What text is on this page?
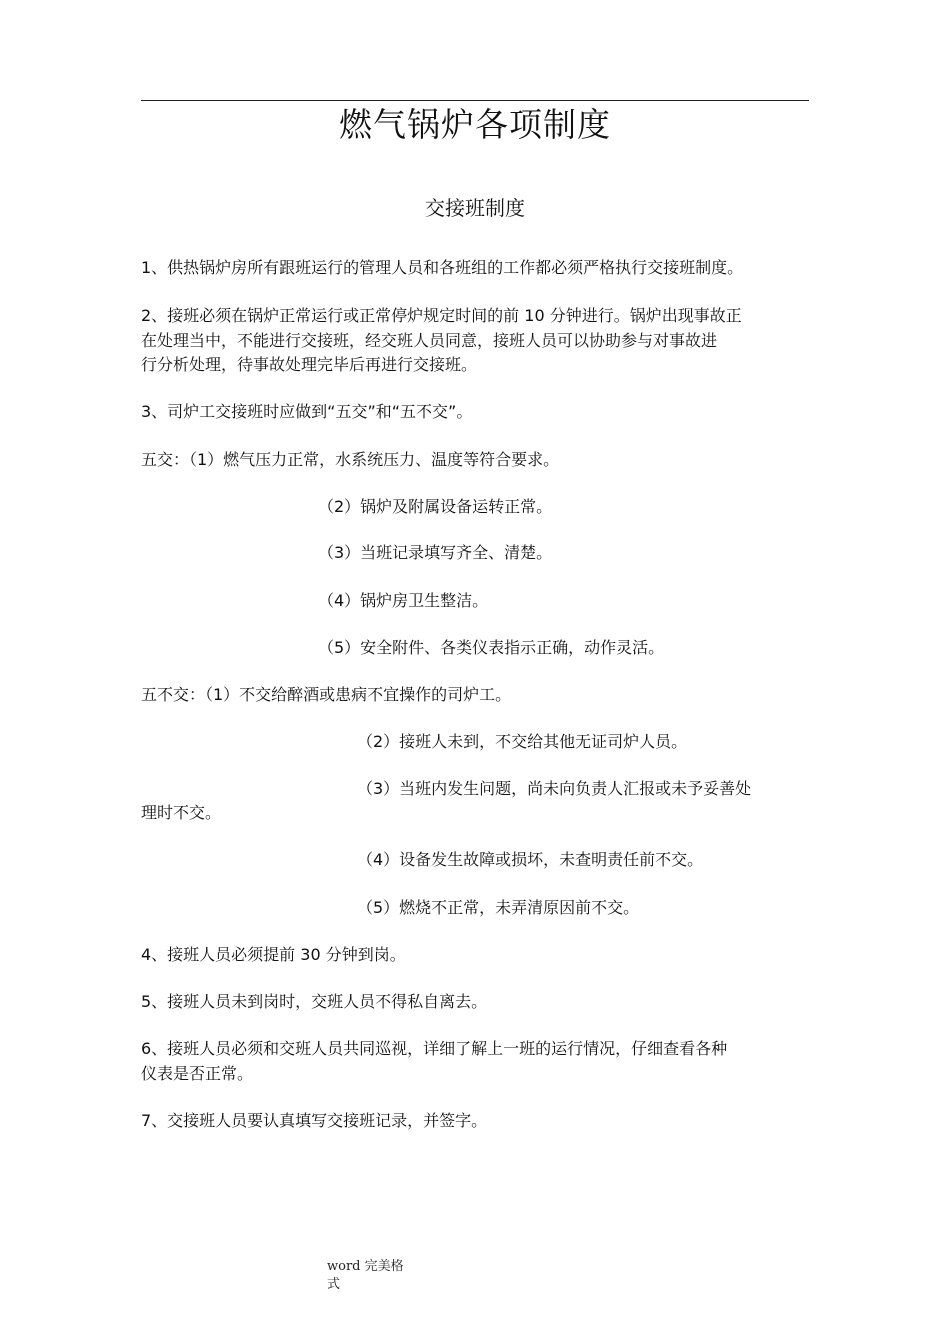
燃气锅炉各项制度
交接班制度
1、供热锅炉房所有跟班运行的管理人员和各班组的工作都必须严格执行交接班制度。
2、接班必须在锅炉正常运行或正常停炉规定时间的前 10 分钟进行。锅炉出现事故正
在处理当中，不能进行交接班，经交班人员同意，接班人员可以协助参与对事故进
行分析处理，待事故处理完毕后再进行交接班。
3、司炉工交接班时应做到“五交”和“五不交”。
五交：（1）燃气压力正常，水系统压力、温度等符合要求。
（2）锅炉及附属设备运转正常。
（3）当班记录填写齐全、清楚。
（4）锅炉房卫生整洁。
（5）安全附件、各类仪表指示正确，动作灵活。
五不交：（1）不交给醉酒或患病不宜操作的司炉工。
（2）接班人未到，不交给其他无证司炉人员。
（3）当班内发生问题，尚未向负责人汇报或未予妥善处
理时不交。
（4）设备发生故障或损坏，未查明责任前不交。
（5）燃烧不正常，未弄清原因前不交。
4、接班人员必须提前 30 分钟到岗。
5、接班人员未到岗时，交班人员不得私自离去。
6、接班人员必须和交班人员共同巡视，详细了解上一班的运行情况，仔细查看各种
仪表是否正常。
7、交接班人员要认真填写交接班记录，并签字。
word 完美格
式
